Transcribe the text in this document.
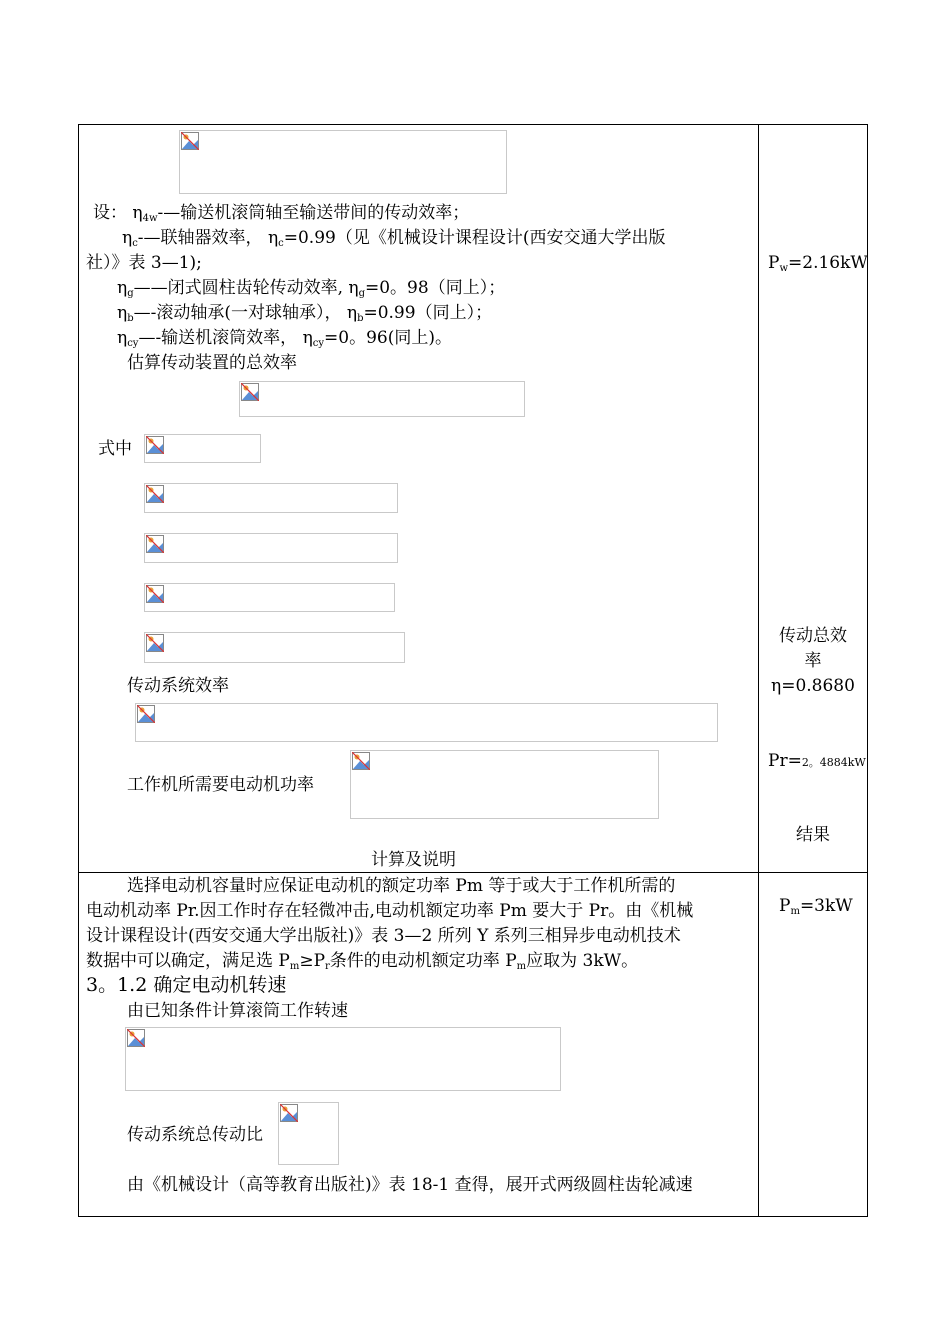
设： $\eta_{4w}-—$输送机滚筒轴至输送带间的传动效率；
$\eta_c-—$联轴器效率， $\eta_c=0.99$（见《机械设计课程设计(西安交通大学出版
社）》表 3—1);
$\eta_g——$闭式圆柱齿轮传动效率, $\eta_g=0$。98（同上）；
$\eta_b—-$滚动轴承(一对球轴承）， $\eta_b=0.99$（同上）；
$\eta_{cy}—-$输送机滚筒效率， $\eta_{cy}=0$。96(同上)。
估算传动装置的总效率
式中
传动系统效率
工作机所需要电动机功率
计算及说明
$P_w=2.16kW$
传动总效
率
η=0.8680
Pr=2。4884kW
结果
选择电动机容量时应保证电动机的额定功率 Pm 等于或大于工作机所需的
电动机动率 Pr.因工作时存在轻微冲击,电动机额定功率 Pm 要大于 Pr。由《机械
设计课程设计(西安交通大学出版社)》表 3—2 所列 Y 系列三相异步电动机技术
数据中可以确定，满足选 $P_m\ge P_r$条件的电动机额定功率 $P_m$应取为 3kW。
3。1.2 确定电动机转速
由已知条件计算滚筒工作转速
传动系统总传动比
由《机械设计（高等教育出版社)》表 18-1 查得，展开式两级圆柱齿轮减速
$P_m=3kW$
